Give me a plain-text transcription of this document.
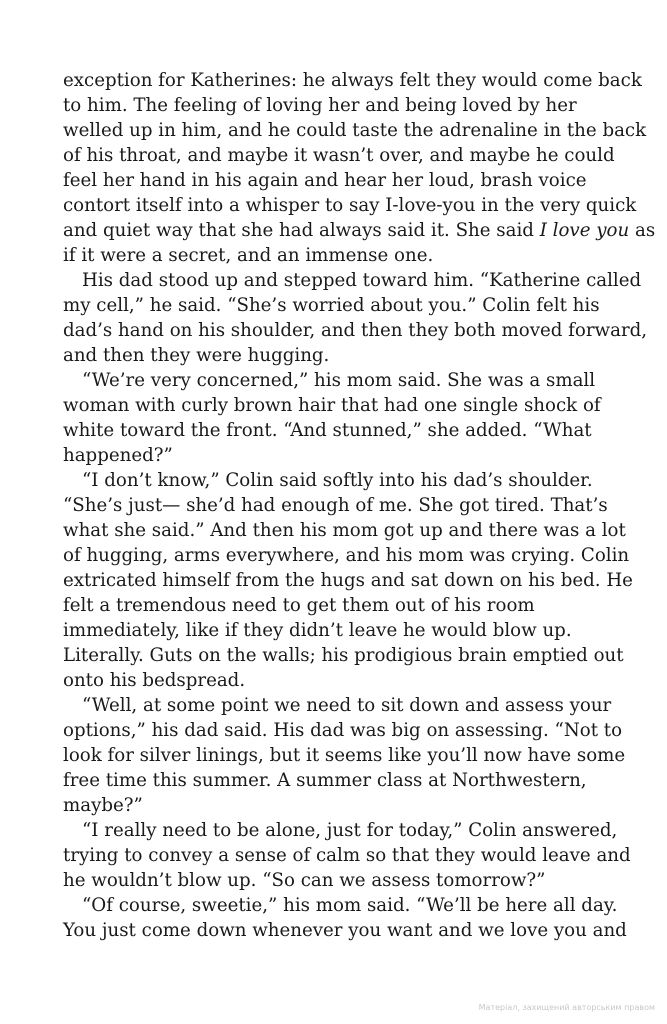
exception for Katherines: he always felt they would come back
to him. The feeling of loving her and being loved by her
welled up in him, and he could taste the adrenaline in the back
of his throat, and maybe it wasn’t over, and maybe he could
feel her hand in his again and hear her loud, brash voice
contort itself into a whisper to say I-love-you in the very quick
and quiet way that she had always said it. She said I love you as
if it were a secret, and an immense one.
His dad stood up and stepped toward him. “Katherine called
my cell,” he said. “She’s worried about you.” Colin felt his
dad’s hand on his shoulder, and then they both moved forward,
and then they were hugging.
“We’re very concerned,” his mom said. She was a small
woman with curly brown hair that had one single shock of
white toward the front. “And stunned,” she added. “What
happened?”
“I don’t know,” Colin said softly into his dad’s shoulder.
“She’s just— she’d had enough of me. She got tired. That’s
what she said.” And then his mom got up and there was a lot
of hugging, arms everywhere, and his mom was crying. Colin
extricated himself from the hugs and sat down on his bed. He
felt a tremendous need to get them out of his room
immediately, like if they didn’t leave he would blow up.
Literally. Guts on the walls; his prodigious brain emptied out
onto his bedspread.
“Well, at some point we need to sit down and assess your
options,” his dad said. His dad was big on assessing. “Not to
look for silver linings, but it seems like you’ll now have some
free time this summer. A summer class at Northwestern,
maybe?”
“I really need to be alone, just for today,” Colin answered,
trying to convey a sense of calm so that they would leave and
he wouldn’t blow up. “So can we assess tomorrow?”
“Of course, sweetie,” his mom said. “We’ll be here all day.
You just come down whenever you want and we love you and
Матеріал, захищений авторським правом
